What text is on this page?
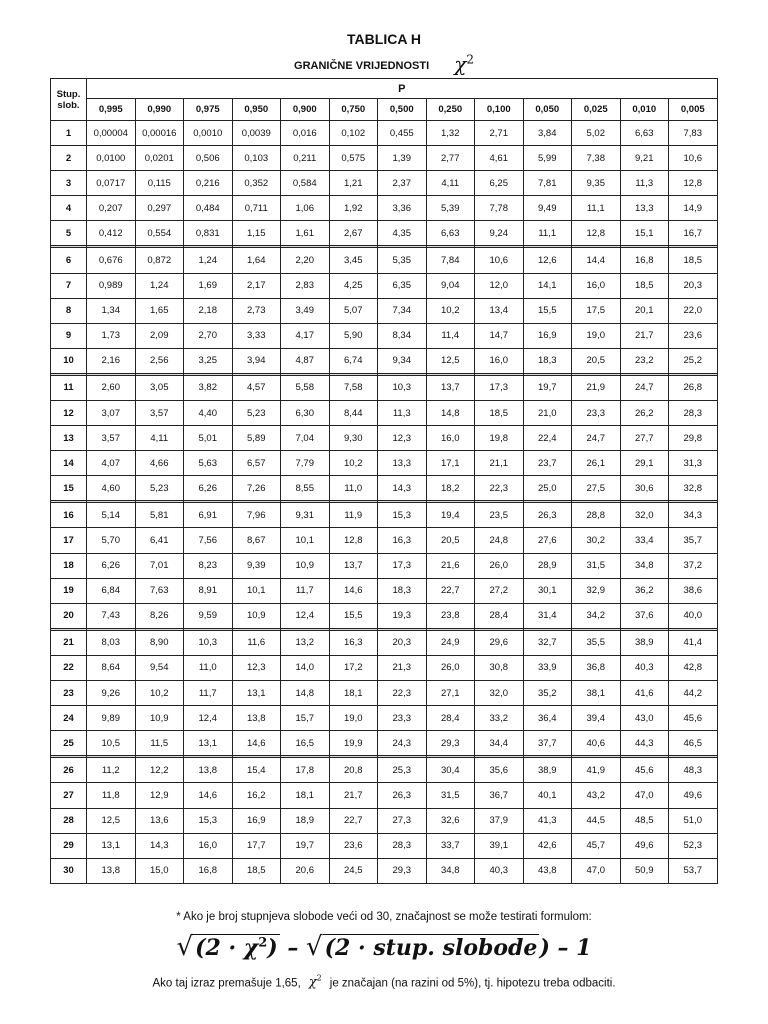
TABLICA H
GRANIČNE VRIJEDNOSTI $\chi^2$
Stup.
slob.	P												
	0,995	0,990	0,975	0,950	0,900	0,750	0,500	0,250	0,100	0,050	0,025	0,010	0,005
1	0,00004	0,00016	0,0010	0,0039	0,016	0,102	0,455	1,32	2,71	3,84	5,02	6,63	7,83
2	0,0100	0,0201	0,506	0,103	0,211	0,575	1,39	2,77	4,61	5,99	7,38	9,21	10,6
3	0,0717	0,115	0,216	0,352	0,584	1,21	2,37	4,11	6,25	7,81	9,35	11,3	12,8
4	0,207	0,297	0,484	0,711	1,06	1,92	3,36	5,39	7,78	9,49	11,1	13,3	14,9
5	0,412	0,554	0,831	1,15	1,61	2,67	4,35	6,63	9,24	11,1	12,8	15,1	16,7

6	0,676	0,872	1,24	1,64	2,20	3,45	5,35	7,84	10,6	12,6	14,4	16,8	18,5
7	0,989	1,24	1,69	2,17	2,83	4,25	6,35	9,04	12,0	14,1	16,0	18,5	20,3
8	1,34	1,65	2,18	2,73	3,49	5,07	7,34	10,2	13,4	15,5	17,5	20,1	22,0
9	1,73	2,09	2,70	3,33	4,17	5,90	8,34	11,4	14,7	16,9	19,0	21,7	23,6
10	2,16	2,56	3,25	3,94	4,87	6,74	9,34	12,5	16,0	18,3	20,5	23,2	25,2

11	2,60	3,05	3,82	4,57	5,58	7,58	10,3	13,7	17,3	19,7	21,9	24,7	26,8
12	3,07	3,57	4,40	5,23	6,30	8,44	11,3	14,8	18,5	21,0	23,3	26,2	28,3
13	3,57	4,11	5,01	5,89	7,04	9,30	12,3	16,0	19,8	22,4	24,7	27,7	29,8
14	4,07	4,66	5,63	6,57	7,79	10,2	13,3	17,1	21,1	23,7	26,1	29,1	31,3
15	4,60	5,23	6,26	7,26	8,55	11,0	14,3	18,2	22,3	25,0	27,5	30,6	32,8

16	5,14	5,81	6,91	7,96	9,31	11,9	15,3	19,4	23,5	26,3	28,8	32,0	34,3
17	5,70	6,41	7,56	8,67	10,1	12,8	16,3	20,5	24,8	27,6	30,2	33,4	35,7
18	6,26	7,01	8,23	9,39	10,9	13,7	17,3	21,6	26,0	28,9	31,5	34,8	37,2
19	6,84	7,63	8,91	10,1	11,7	14,6	18,3	22,7	27,2	30,1	32,9	36,2	38,6
20	7,43	8,26	9,59	10,9	12,4	15,5	19,3	23,8	28,4	31,4	34,2	37,6	40,0

21	8,03	8,90	10,3	11,6	13,2	16,3	20,3	24,9	29,6	32,7	35,5	38,9	41,4
22	8,64	9,54	11,0	12,3	14,0	17,2	21,3	26,0	30,8	33,9	36,8	40,3	42,8
23	9,26	10,2	11,7	13,1	14,8	18,1	22,3	27,1	32,0	35,2	38,1	41,6	44,2
24	9,89	10,9	12,4	13,8	15,7	19,0	23,3	28,4	33,2	36,4	39,4	43,0	45,6
25	10,5	11,5	13,1	14,6	16,5	19,9	24,3	29,3	34,4	37,7	40,6	44,3	46,5

26	11,2	12,2	13,8	15,4	17,8	20,8	25,3	30,4	35,6	38,9	41,9	45,6	48,3
27	11,8	12,9	14,6	16,2	18,1	21,7	26,3	31,5	36,7	40,1	43,2	47,0	49,6
28	12,5	13,6	15,3	16,9	18,9	22,7	27,3	32,6	37,9	41,3	44,5	48,5	51,0
29	13,1	14,3	16,0	17,7	19,7	23,6	28,3	33,7	39,1	42,6	45,7	49,6	52,3
30	13,8	15,0	16,8	18,5	20,6	24,5	29,3	34,8	40,3	43,8	47,0	50,9	53,7
* Ako je broj stupnjeva slobode veći od 30, značajnost se može testirati formulom:
$√(2 \cdot \chi^2) - √(2$ · stup. slobode) – 1
Ako taj izraz premašuje 1,65, $\chi^2$ je značajan (na razini od 5%), tj. hipotezu treba odbaciti.
